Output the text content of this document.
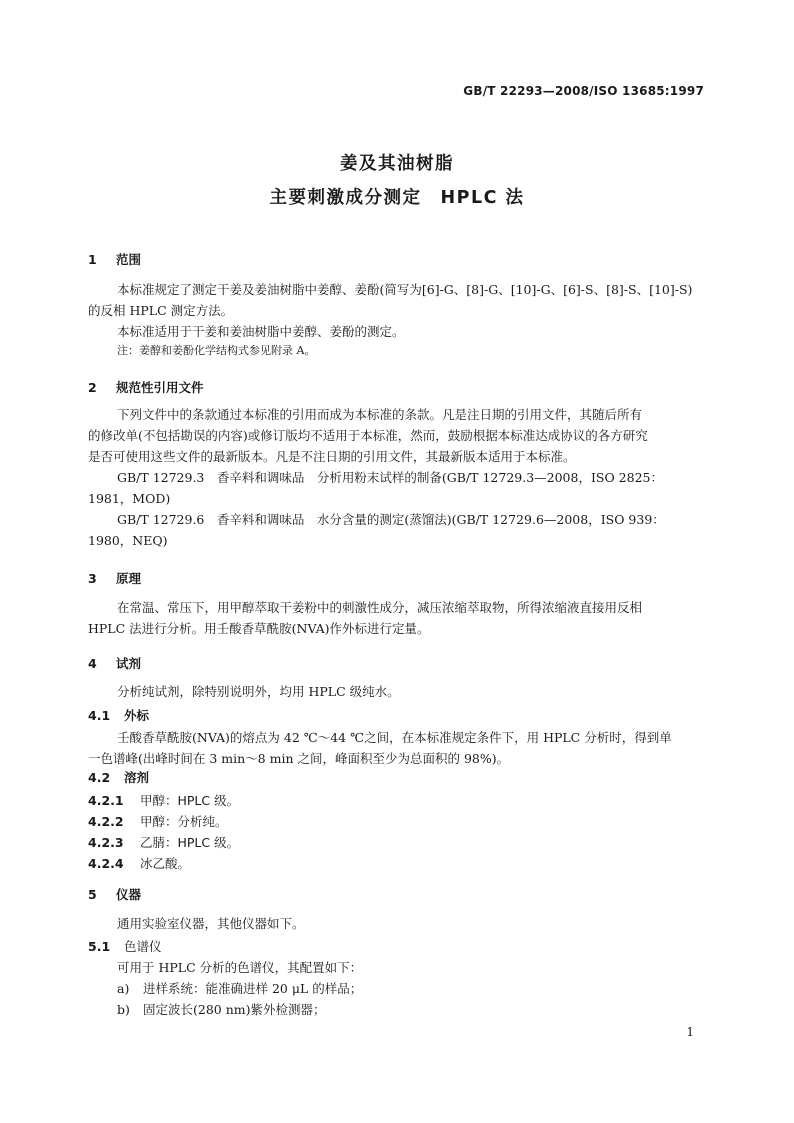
GB/T 22293—2008/ISO 13685:1997
姜及其油树脂
主要刺激成分测定　HPLC 法
1 范围
本标准规定了测定干姜及姜油树脂中姜醇、姜酚(简写为[6]-G、[8]-G、[10]-G、[6]-S、[8]-S、[10]-S)
的反相 HPLC 测定方法。
本标准适用于干姜和姜油树脂中姜醇、姜酚的测定。
注：姜醇和姜酚化学结构式参见附录 A。
2 规范性引用文件
下列文件中的条款通过本标准的引用而成为本标准的条款。凡是注日期的引用文件，其随后所有
的修改单(不包括勘误的内容)或修订版均不适用于本标准，然而，鼓励根据本标准达成协议的各方研究
是否可使用这些文件的最新版本。凡是不注日期的引用文件，其最新版本适用于本标准。
GB/T 12729.3　香辛料和调味品　分析用粉末试样的制备(GB/T 12729.3—2008，ISO 2825：
1981，MOD)
GB/T 12729.6　香辛料和调味品　水分含量的测定(蒸馏法)(GB/T 12729.6—2008，ISO 939：
1980，NEQ)
3 原理
在常温、常压下，用甲醇萃取干姜粉中的刺激性成分，减压浓缩萃取物，所得浓缩液直接用反相
HPLC 法进行分析。用壬酸香草酰胺(NVA)作外标进行定量。
4 试剂
分析纯试剂，除特别说明外，均用 HPLC 级纯水。
4.1 外标
壬酸香草酰胺(NVA)的熔点为 42 ℃～44 ℃之间，在本标准规定条件下，用 HPLC 分析时，得到单
一色谱峰(出峰时间在 3 min～8 min 之间，峰面积至少为总面积的 98%)。
4.2 溶剂
4.2.1 甲醇：HPLC 级。
4.2.2 甲醇：分析纯。
4.2.3 乙腈：HPLC 级。
4.2.4 冰乙酸。
5 仪器
通用实验室仪器，其他仪器如下。
5.1 色谱仪
可用于 HPLC 分析的色谱仪，其配置如下：
a) 进样系统：能准确进样 20 μL 的样品；
b) 固定波长(280 nm)紫外检测器；
1
